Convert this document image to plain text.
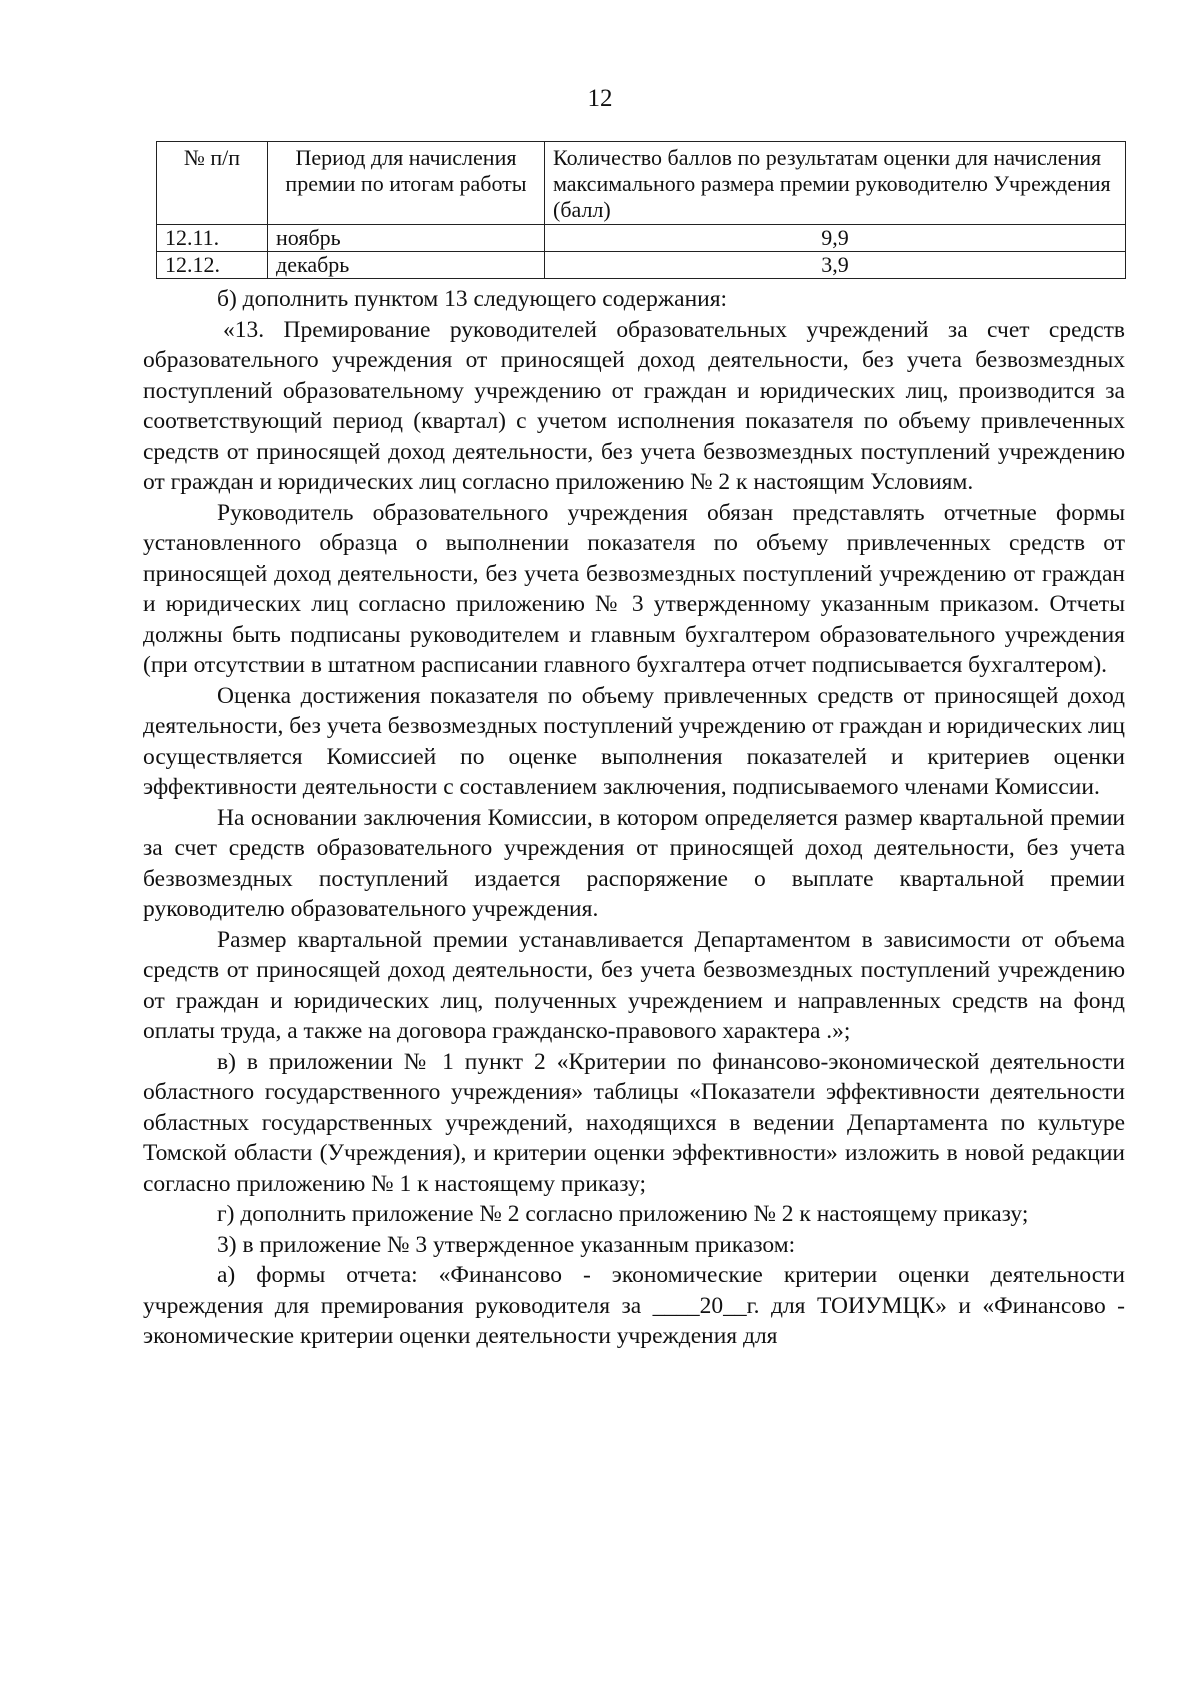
12
№ п/п	Период для начисления премии по итогам работы	Количество баллов по результатам оценки для начисления максимального размера премии руководителю Учреждения (балл)
12.11.	ноябрь	9,9
12.12.	декабрь	3,9

б) дополнить пунктом 13 следующего содержания:

«13. Премирование руководителей образовательных учреждений за счет средств образовательного учреждения от приносящей доход деятельности, без учета безвозмездных поступлений образовательному учреждению от граждан и юридических лиц, производится за соответствующий период (квартал) с учетом исполнения показателя по объему привлеченных средств от приносящей доход деятельности, без учета безвозмездных поступлений учреждению от граждан и юридических лиц согласно приложению № 2 к настоящим Условиям.

Руководитель образовательного учреждения обязан представлять отчетные формы установленного образца о выполнении показателя по объему привлеченных средств от приносящей доход деятельности, без учета безвозмездных поступлений учреждению от граждан и юридических лиц согласно приложению № 3 утвержденному указанным приказом. Отчеты должны быть подписаны руководителем и главным бухгалтером образовательного учреждения (при отсутствии в штатном расписании главного бухгалтера отчет подписывается бухгалтером).

Оценка достижения показателя по объему привлеченных средств от приносящей доход деятельности, без учета безвозмездных поступлений учреждению от граждан и юридических лиц осуществляется Комиссией по оценке выполнения показателей и критериев оценки эффективности деятельности с составлением заключения, подписываемого членами Комиссии.

На основании заключения Комиссии, в котором определяется размер квартальной премии за счет средств образовательного учреждения от приносящей доход деятельности, без учета безвозмездных поступлений издается распоряжение о выплате квартальной премии руководителю образовательного учреждения.

Размер квартальной премии устанавливается Департаментом в зависимости от объема средств от приносящей доход деятельности, без учета безвозмездных поступлений учреждению от граждан и юридических лиц, полученных учреждением и направленных средств на фонд оплаты труда, а также на договора гражданско-правового характера .»;

в) в приложении № 1 пункт 2 «Критерии по финансово-экономической деятельности областного государственного учреждения» таблицы «Показатели эффективности деятельности областных государственных учреждений, находящихся в ведении Департамента по культуре Томской области (Учреждения), и критерии оценки эффективности» изложить в новой редакции согласно приложению № 1 к настоящему приказу;

г) дополнить приложение № 2 согласно приложению № 2 к настоящему приказу;

3) в приложение № 3 утвержденное указанным приказом:

а) формы отчета: «Финансово - экономические критерии оценки деятельности учреждения для премирования руководителя за ____20__г. для ТОИУМЦК» и «Финансово - экономические критерии оценки деятельности учреждения для
